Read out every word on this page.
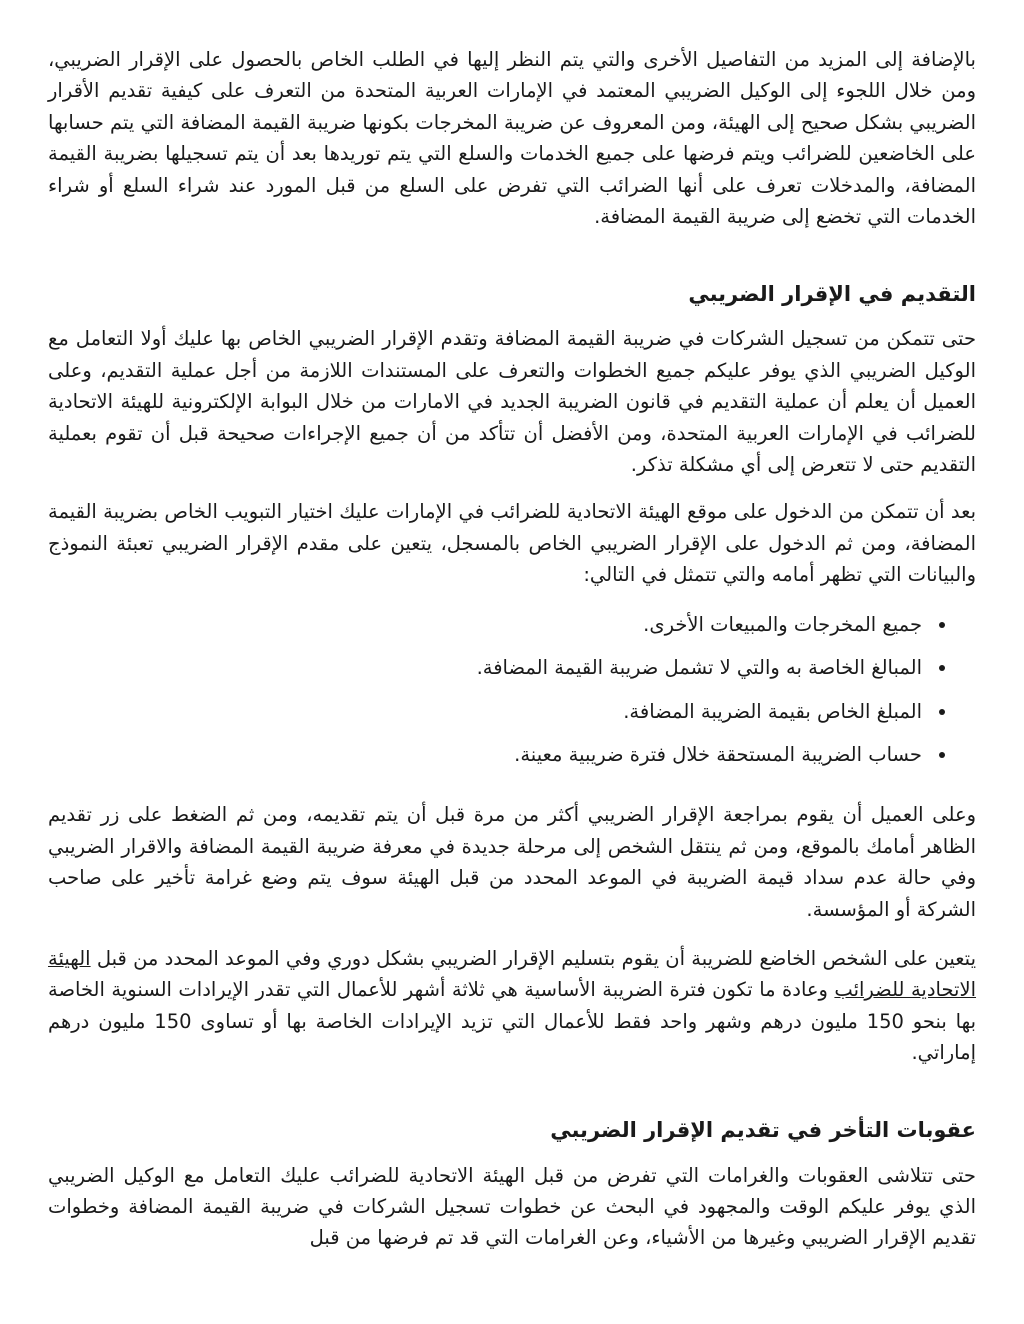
بالإضافة إلى المزيد من التفاصيل الأخرى والتي يتم النظر إليها في الطلب الخاص بالحصول على الإقرار الضريبي، ومن خلال اللجوء إلى الوكيل الضريبي المعتمد في الإمارات العربية المتحدة من التعرف على كيفية تقديم الأقرار الضريبي بشكل صحيح إلى الهيئة، ومن المعروف عن ضريبة المخرجات بكونها ضريبة القيمة المضافة التي يتم حسابها على الخاضعين للضرائب ويتم فرضها على جميع الخدمات والسلع التي يتم توريدها بعد أن يتم تسجيلها بضريبة القيمة المضافة، والمدخلات تعرف على أنها الضرائب التي تفرض على السلع من قبل المورد عند شراء السلع أو شراء الخدمات التي تخضع إلى ضريبة القيمة المضافة.

التقديم في الإقرار الضريبي

حتى تتمكن من تسجيل الشركات في ضريبة القيمة المضافة وتقدم الإقرار الضريبي الخاص بها عليك أولا التعامل مع الوكيل الضريبي الذي يوفر عليكم جميع الخطوات والتعرف على المستندات اللازمة من أجل عملية التقديم، وعلى العميل أن يعلم أن عملية التقديم في قانون الضريبة الجديد في الامارات من خلال البوابة الإلكترونية للهيئة الاتحادية للضرائب في الإمارات العربية المتحدة، ومن الأفضل أن تتأكد من أن جميع الإجراءات صحيحة قبل أن تقوم بعملية التقديم حتى لا تتعرض إلى أي مشكلة تذكر.

بعد أن تتمكن من الدخول على موقع الهيئة الاتحادية للضرائب في الإمارات عليك اختيار التبويب الخاص بضريبة القيمة المضافة، ومن ثم الدخول على الإقرار الضريبي الخاص بالمسجل، يتعين على مقدم الإقرار الضريبي تعبئة النموذج والبيانات التي تظهر أمامه والتي تتمثل في التالي:

جميع المخرجات والمبيعات الأخرى.
المبالغ الخاصة به والتي لا تشمل ضريبة القيمة المضافة.
المبلغ الخاص بقيمة الضريبة المضافة.
حساب الضريبة المستحقة خلال فترة ضريبية معينة.

وعلى العميل أن يقوم بمراجعة الإقرار الضريبي أكثر من مرة قبل أن يتم تقديمه، ومن ثم الضغط على زر تقديم الظاهر أمامك بالموقع، ومن ثم ينتقل الشخص إلى مرحلة جديدة في معرفة ضريبة القيمة المضافة والاقرار الضريبي وفي حالة عدم سداد قيمة الضريبة في الموعد المحدد من قبل الهيئة سوف يتم وضع غرامة تأخير على صاحب الشركة أو المؤسسة.

يتعين على الشخص الخاضع للضريبة أن يقوم بتسليم الإقرار الضريبي بشكل دوري وفي الموعد المحدد من قبل الهيئة الاتحادية للضرائب وعادة ما تكون فترة الضريبة الأساسية هي ثلاثة أشهر للأعمال التي تقدر الإيرادات السنوية الخاصة بها بنحو 150 مليون درهم وشهر واحد فقط للأعمال التي تزيد الإيرادات الخاصة بها أو تساوى 150 مليون درهم إماراتي.

عقوبات التأخر في تقديم الإقرار الضريبي

حتى تتلاشى العقوبات والغرامات التي تفرض من قبل الهيئة الاتحادية للضرائب عليك التعامل مع الوكيل الضريبي الذي يوفر عليكم الوقت والمجهود في البحث عن خطوات تسجيل الشركات في ضريبة القيمة المضافة وخطوات تقديم الإقرار الضريبي وغيرها من الأشياء، وعن الغرامات التي قد تم فرضها من قبل
